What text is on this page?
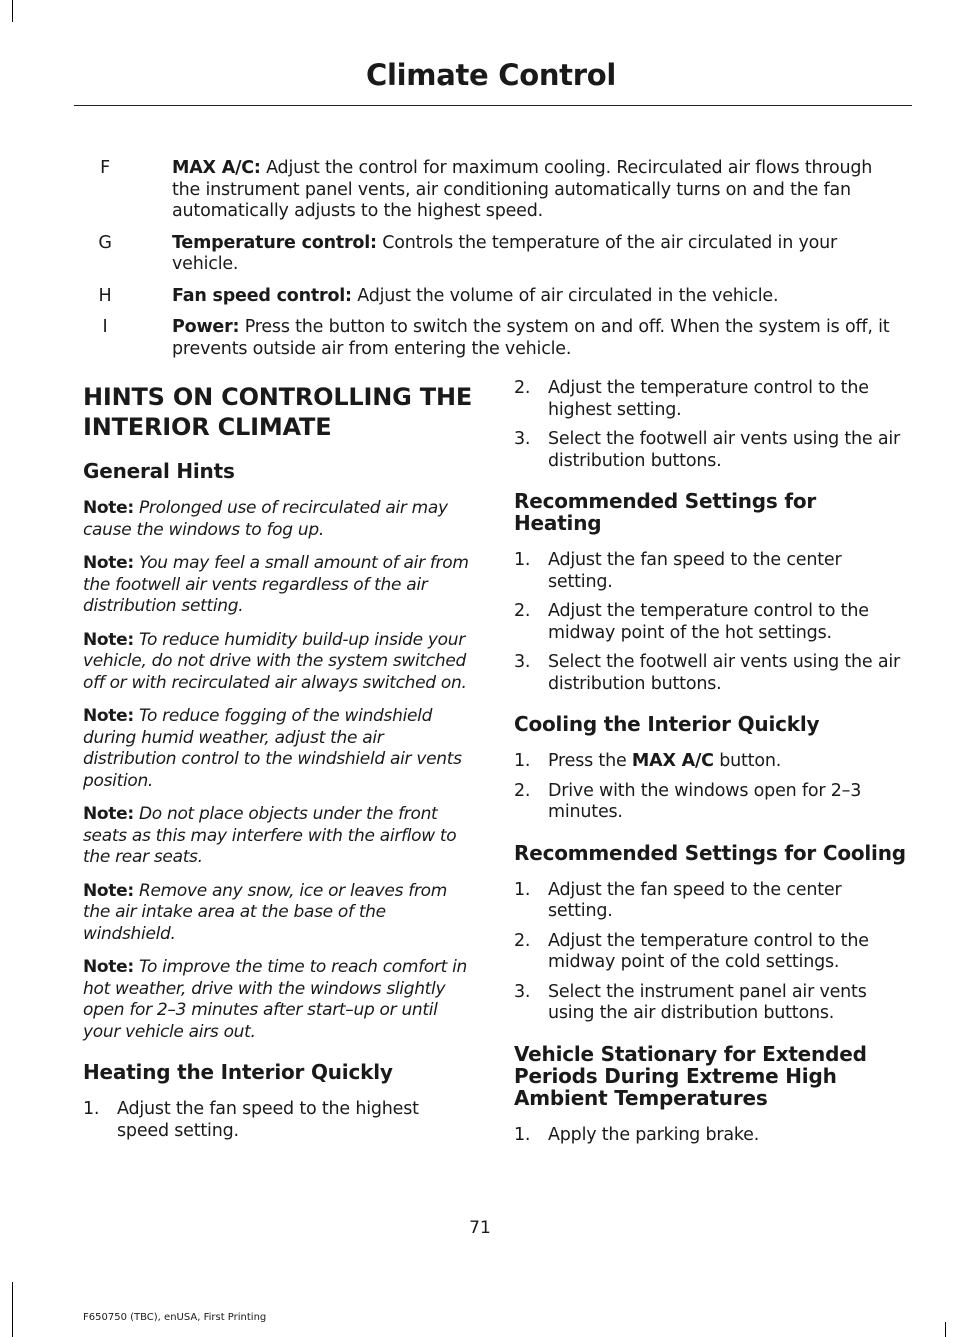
Climate Control
F	MAX A/C: Adjust the control for maximum cooling. Recirculated air flows through the instrument panel vents, air conditioning automatically turns on and the fan automatically adjusts to the highest speed.
G	Temperature control: Controls the temperature of the air circulated in your vehicle.
H	Fan speed control: Adjust the volume of air circulated in the vehicle.
I	Power: Press the button to switch the system on and off. When the system is off, it prevents outside air from entering the vehicle.
HINTS ON CONTROLLING THE
INTERIOR CLIMATE
General Hints

Note: Prolonged use of recirculated air may cause the windows to fog up.

Note: You may feel a small amount of air from the footwell air vents regardless of the air distribution setting.

Note: To reduce humidity build-up inside your vehicle, do not drive with the system switched off or with recirculated air always switched on.

Note: To reduce fogging of the windshield during humid weather, adjust the air distribution control to the windshield air vents position.

Note: Do not place objects under the front seats as this may interfere with the airflow to the rear seats.

Note: Remove any snow, ice or leaves from the air intake area at the base of the windshield.

Note: To improve the time to reach comfort in hot weather, drive with the windows slightly open for 2–3 minutes after start–up or until your vehicle airs out.

Heating the Interior Quickly
1. Adjust the fan speed to the highest speed setting.
2. Adjust the temperature control to the highest setting.
3. Select the footwell air vents using the air distribution buttons.
Recommended Settings for Heating
1. Adjust the fan speed to the center setting.
2. Adjust the temperature control to the midway point of the hot settings.
3. Select the footwell air vents using the air distribution buttons.
Cooling the Interior Quickly
1. Press the MAX A/C button.
2. Drive with the windows open for 2–3 minutes.
Recommended Settings for Cooling
1. Adjust the fan speed to the center setting.
2. Adjust the temperature control to the midway point of the cold settings.
3. Select the instrument panel air vents using the air distribution buttons.
Vehicle Stationary for Extended Periods During Extreme High Ambient Temperatures
1. Apply the parking brake.

71

F650750 (TBC), enUSA, First Printing
